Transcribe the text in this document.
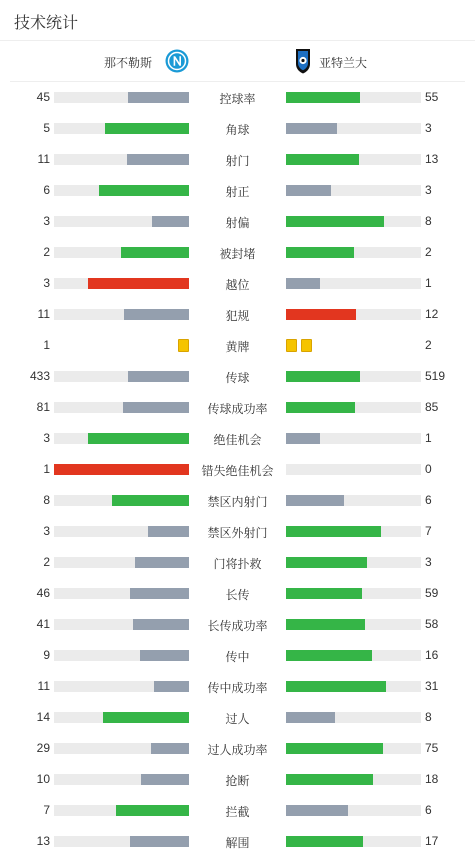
技术统计
那不勒斯	亚特兰大
45	控球率	55
5	角球	3
11	射门	13
6	射正	3
3	射偏	8
2	被封堵	2
3	越位	1
11	犯规	12
1	黄牌	2
433	传球	519
81	传球成功率	85
3	绝佳机会	1
1	错失绝佳机会	0
8	禁区内射门	6
3	禁区外射门	7
2	门将扑救	3
46	长传	59
41	长传成功率	58
9	传中	16
11	传中成功率	31
14	过人	8
29	过人成功率	75
10	抢断	18
7	拦截	6
13	解围	17
